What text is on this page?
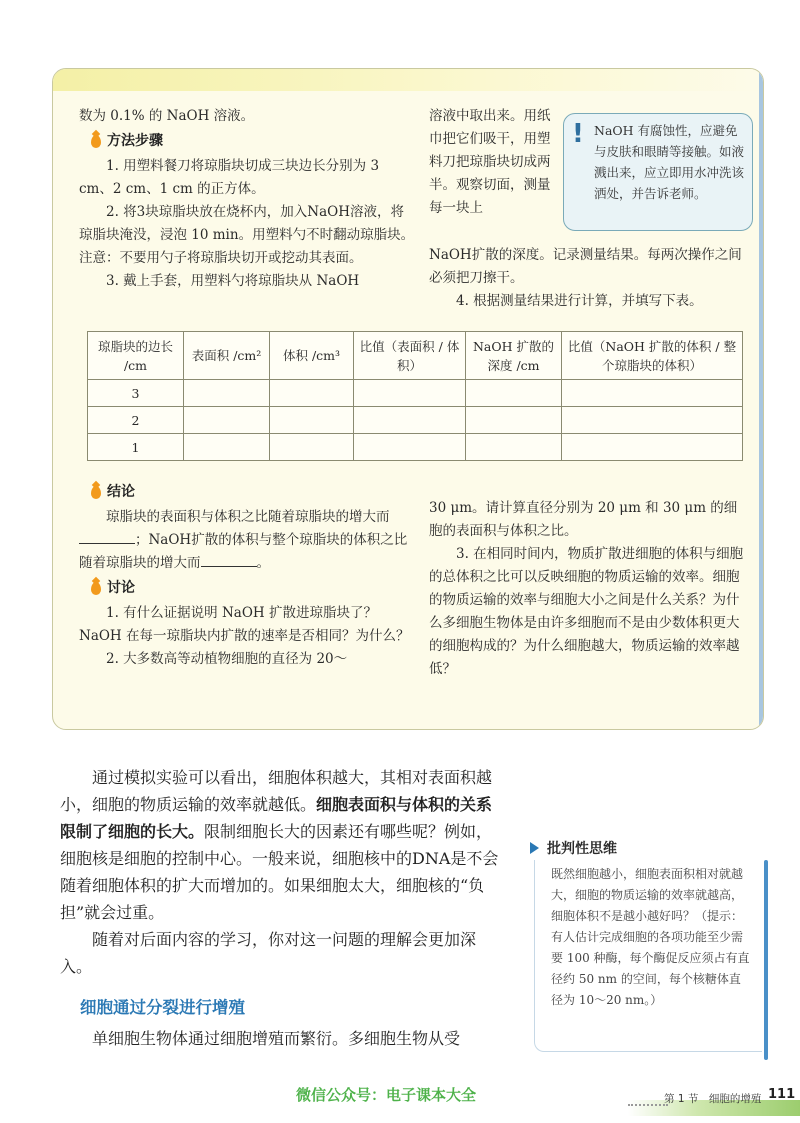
数为 0.1% 的 NaOH 溶液。
方法步骤
1. 用塑料餐刀将琼脂块切成三块边长分别为 3 cm、2 cm、1 cm 的正方体。
2. 将3块琼脂块放在烧杯内，加入NaOH溶液，将琼脂块淹没，浸泡 10 min。用塑料勺不时翻动琼脂块。注意：不要用勺子将琼脂块切开或挖动其表面。
3. 戴上手套，用塑料勺将琼脂块从 NaOH
溶液中取出来。用纸巾把它们吸干，用塑料刀把琼脂块切成两半。观察切面，测量每一块上
! NaOH 有腐蚀性，应避免与皮肤和眼睛等接触。如液溅出来，应立即用水冲洗该洒处，并告诉老师。
NaOH扩散的深度。记录测量结果。每两次操作之间必须把刀擦干。
4. 根据测量结果进行计算，并填写下表。
琼脂块的边长 /cm	表面积 /cm²	体积 /cm³	比值（表面积 / 体积）	NaOH 扩散的深度 /cm	比值（NaOH 扩散的体积 / 整个琼脂块的体积）
3					
2					
1					
结论
琼脂块的表面积与体积之比随着琼脂块的增大而；NaOH扩散的体积与整个琼脂块的体积之比随着琼脂块的增大而	。
讨论
1. 有什么证据说明 NaOH 扩散进琼脂块了？NaOH 在每一琼脂块内扩散的速率是否相同？为什么？
2. 大多数高等动植物细胞的直径为 20～
30 μm。请计算直径分别为 20 μm 和 30 μm 的细胞的表面积与体积之比。
3. 在相同时间内，物质扩散进细胞的体积与细胞的总体积之比可以反映细胞的物质运输的效率。细胞的物质运输的效率与细胞大小之间是什么关系？为什么多细胞生物体是由许多细胞而不是由少数体积更大的细胞构成的？为什么细胞越大，物质运输的效率越低？
通过模拟实验可以看出，细胞体积越大，其相对表面积越小，细胞的物质运输的效率就越低。细胞表面积与体积的关系限制了细胞的长大。限制细胞长大的因素还有哪些呢？例如，细胞核是细胞的控制中心。一般来说，细胞核中的DNA是不会随着细胞体积的扩大而增加的。如果细胞太大，细胞核的“负担”就会过重。
随着对后面内容的学习，你对这一问题的理解会更加深入。
细胞通过分裂进行增殖
单细胞生物体通过细胞增殖而繁衍。多细胞生物从受
批判性思维
既然细胞越小，细胞表面积相对就越大，细胞的物质运输的效率就越高，细胞体积不是越小越好吗？（提示：有人估计完成细胞的各项功能至少需要 100 种酶，每个酶促反应须占有直径约 50 nm 的空间，每个核糖体直径为 10～20 nm。）
微信公众号：电子课本大全	第 1 节　细胞的增殖 111
